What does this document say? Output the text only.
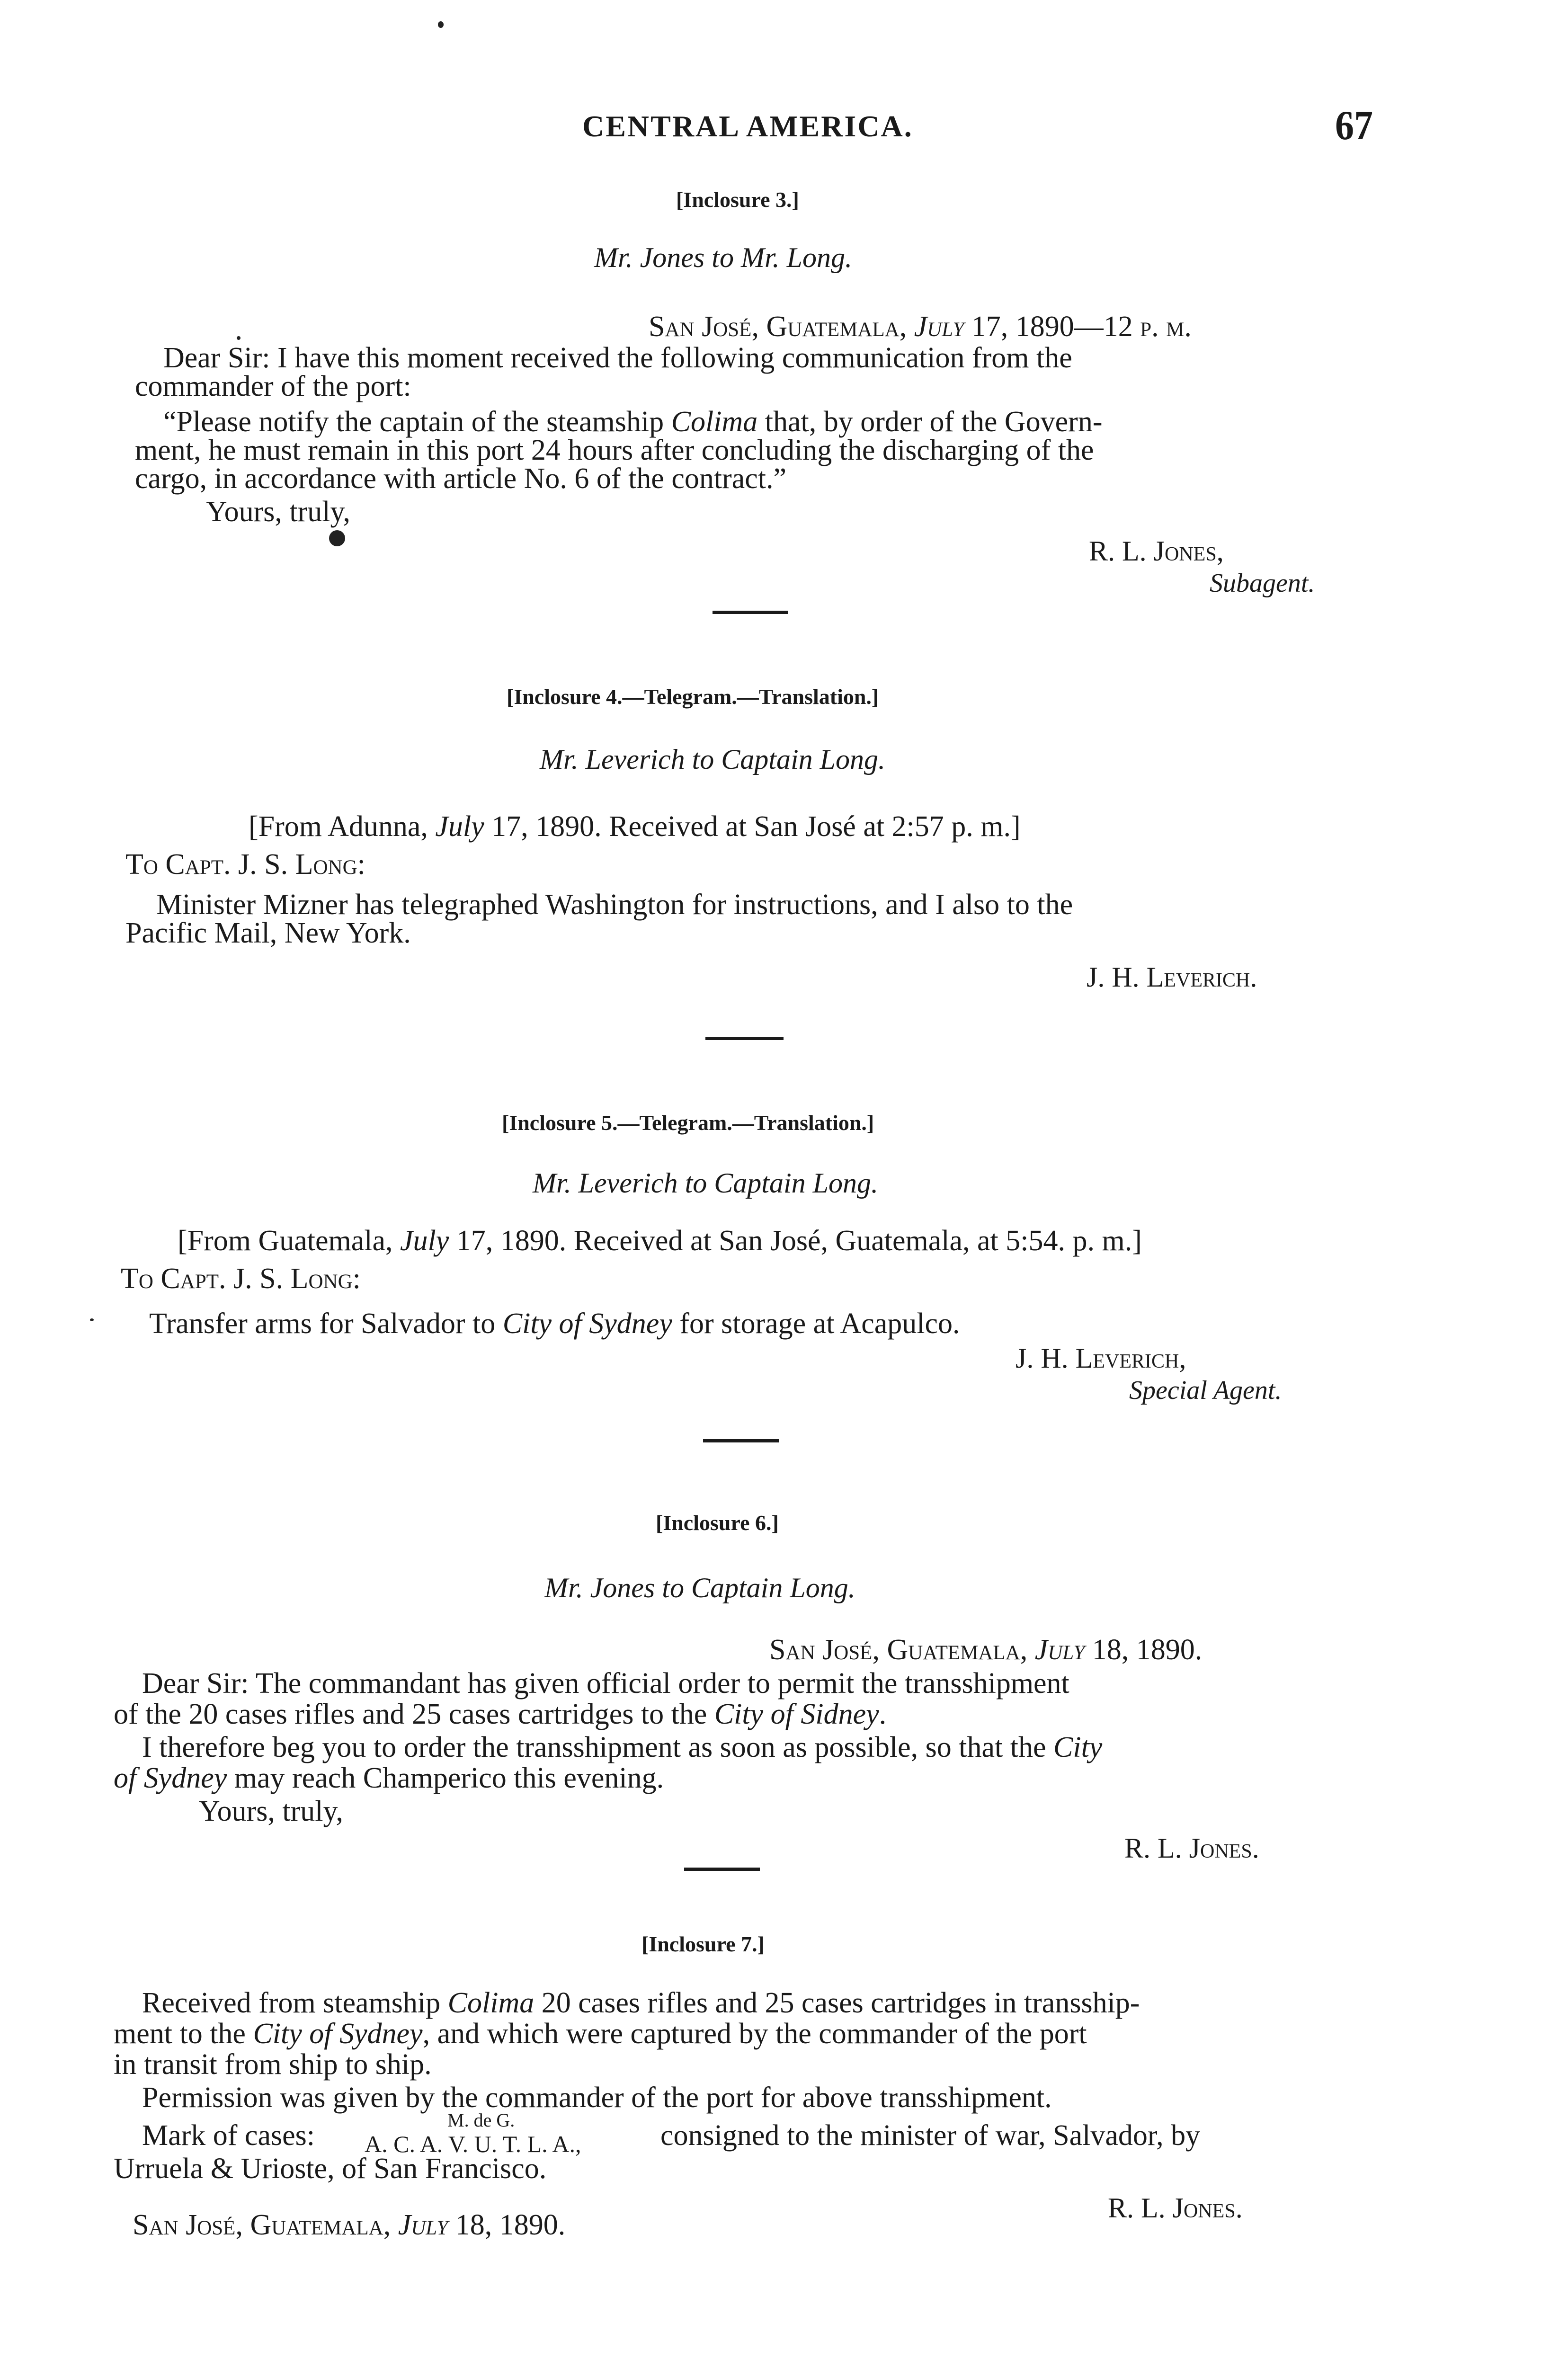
CENTRAL AMERICA.	67
[Inclosure 3.]
Mr. Jones to Mr. Long.
San José, Guatemala, July 17, 1890—12 p. m.
Dear Sir: I have this moment received the following communication from the
commander of the port:
“Please notify the captain of the steamship Colima that, by order of the Govern-
ment, he must remain in this port 24 hours after concluding the discharging of the
cargo, in accordance with article No. 6 of the contract.”
Yours, truly,
R. L. Jones,
Subagent.
[Inclosure 4.—Telegram.—Translation.]
Mr. Leverich to Captain Long.
[From Adunna, July 17, 1890. Received at San José at 2:57 p. m.]
To Capt. J. S. Long:
Minister Mizner has telegraphed Washington for instructions, and I also to the
Pacific Mail, New York.
J. H. Leverich.
[Inclosure 5.—Telegram.—Translation.]
Mr. Leverich to Captain Long.
[From Guatemala, July 17, 1890. Received at San José, Guatemala, at 5:54. p. m.]
To Capt. J. S. Long:
Transfer arms for Salvador to City of Sydney for storage at Acapulco.
J. H. Leverich,
Special Agent.
[Inclosure 6.]
Mr. Jones to Captain Long.
San José, Guatemala, July 18, 1890.
Dear Sir: The commandant has given official order to permit the transshipment
of the 20 cases rifles and 25 cases cartridges to the City of Sidney.
I therefore beg you to order the transshipment as soon as possible, so that the City
of Sydney may reach Champerico this evening.
Yours, truly,
R. L. Jones.
[Inclosure 7.]
Received from steamship Colima 20 cases rifles and 25 cases cartridges in transship-
ment to the City of Sydney, and which were captured by the commander of the port
in transit from ship to ship.
Permission was given by the commander of the port for above transshipment.
Mark of cases:	M. de G.
A. C. A. V. U. T. L. A.,	consigned to the minister of war, Salvador, by
Urruela & Urioste, of San Francisco.
R. L. Jones.
San José, Guatemala, July 18, 1890.
